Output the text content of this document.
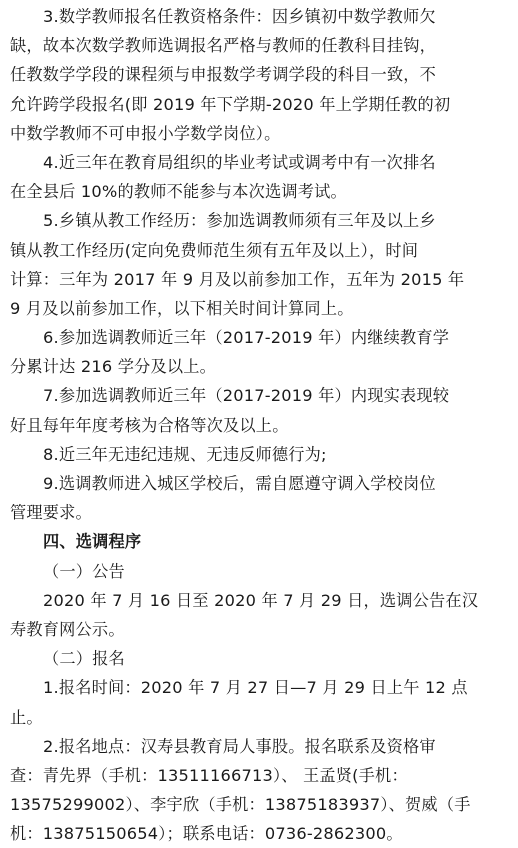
3.数学教师报名任教资格条件：因乡镇初中数学教师欠
缺，故本次数学教师选调报名严格与教师的任教科目挂钩，
任教数学学段的课程须与申报数学考调学段的科目一致，不
允许跨学段报名(即 2019 年下学期-2020 年上学期任教的初
中数学教师不可申报小学数学岗位）。
4.近三年在教育局组织的毕业考试或调考中有一次排名
在全县后 10%的教师不能参与本次选调考试。
5.乡镇从教工作经历：参加选调教师须有三年及以上乡
镇从教工作经历(定向免费师范生须有五年及以上），时间
计算：三年为 2017 年 9 月及以前参加工作，五年为 2015 年
9 月及以前参加工作，以下相关时间计算同上。
6.参加选调教师近三年（2017-2019 年）内继续教育学
分累计达 216 学分及以上。
7.参加选调教师近三年（2017-2019 年）内现实表现较
好且每年年度考核为合格等次及以上。
8.近三年无违纪违规、无违反师德行为;
9.选调教师进入城区学校后，需自愿遵守调入学校岗位
管理要求。
四、选调程序
（一）公告
2020 年 7 月 16 日至 2020 年 7 月 29 日，选调公告在汉
寿教育网公示。
（二）报名
1.报名时间：2020 年 7 月 27 日—7 月 29 日上午 12 点
止。
2.报名地点：汉寿县教育局人事股。报名联系及资格审
查：青先界（手机：13511166713）、 王孟贤(手机：
13575299002）、李宇欣（手机：13875183937）、贺威（手
机：13875150654）；联系电话：0736-2862300。
